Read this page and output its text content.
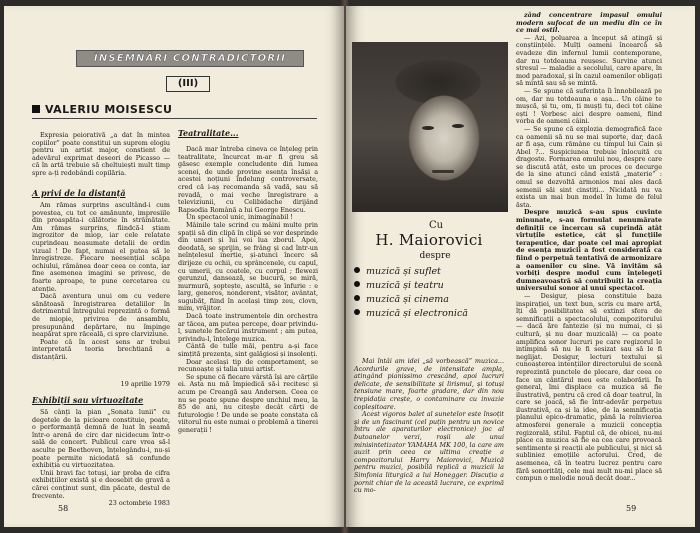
ÎNSEMNĂRI CONTRADICTORII
(III)
VALERIU MOISESCU

Expresia peiorativă „a dat în mintea copiilor” poate constitui un suprem elogiu pentru un artist major, constient de adevărul exprimat deseori de Picasso — că în artă trebuie să cheltuiești mult timp spre a-ți redobândi copilăria.

A privi de la distanță

Am rămas surprins ascultând-i cum povestea, cu tot ce amănunte, impresiile din proaspăta-i călătorie în străinătate. Am rămas surprins, fiindcă-l știam ingrozitor de miop, iar cele relatate cuprindeau neasumate detalii de ordin vizual ! De fapt, numai el putea să le înregistreze. Fiecare neesențial scăpa ochiului, rămânea doar ceea ce conta, iar fine asemenea imagini se privesc, de foarte aproape, te pune cercetarea cu atenție.

Dacă aventura unui om cu vedere sănătoasă înregistrarea detaliilor în detrimentul întregului reprezintă o formă de miopie, privirea de ansamblu, presupunând depărtare, nu împinge neapărat spre răceală, ci spre clarviziune.

Poate că în acest sens ar trebui interpretată teoria brechtiană a distanțării.

19 aprilie 1979
Exhibiții sau virtuozitate

Să cânți la pian „Sonata lunii” cu degetele de la picioare constituie, poate, o performanță demnă de luat în seamă într-o arenă de circ dar nicidecum într-o sală de concert. Publicul care vrea să-l asculte pe Beethoven, înțelegându-i, nu-și poate permite niciodată să confunde exhibiția cu virtuozitatea.

Unii bravi fac totuși, iar proba de cifra exhibițiilor există și e deosebit de gravă a cărei conținut sunt, din păcate, destul de frecvente.

23 octombrie 1983
Teatralitate...

Dacă mar întreba cineva ce înțeleg prin teatralitate, încurcat m-ar fi greu să găsesc exemple concludente din lumea scenei, de unde provine esența însăși a acestei noțiuni îndelung controversate, cred că i-aș recomanda să vadă, sau să revadă, o mai veche înregistrare a televiziunii, cu Celibidache dirijând Rapsodia Română a lui George Enescu.

Un spectacol unic, inimaginabil !

Mâinile tale scrind cu mâini multe prin spații să din clipă în clipă se vor desprinde din umeri și lui voi lua zborul. Apoi, deodată, se sprijin, se frâng și cad într-un neînțelesul inertie, și-atunci încerc să dirijeze cu ochii, cu sprâncenele, cu capul, cu umerii, cu coatele, cu corpul ; flewezi gerunzul, dansează, se bucură, se miră, murmură, șoptește, ascultă, se înfurie : e larg, generos, nonderent, visător, avântat, sugubăț, fiind în același timp zeu, clovn, mim, vrăjitor.

Dacă toate instrumentele din orchestra ar tăcea, am putea percepe, doar privindu-l, sunetele fiecărui instrument ; am putea, privindu-l, înțelege muzica.

Cântă de tulle măi, pentru a-și face simțită prezența, sint galăgiosi și insolenți.

Doar același tip de comportament, se recunoaște și talia unui artist.

Se spune că fiecare vârstă își are cărțile ei. Asta nu mă împiedică să-i recitesc și acum pe Creangă sau Andersen. Ceea ce nu se poate spune despre unchiul meu, la 85 de ani, nu citește decât cărți de futurologie ! De unde se poate constata că viitorul nu este numai o problemă a tinerei generații !

58
Cu
H. Maiorovici
despre
muzică și suflet
muzică și teatru
muzică și cinema
muzică și electronică

Mai întâi am idei „să vorbească” muzica... Acordurile grave, de intensitate ampla, atingând pianissimo crescând, apoi lucruri delicate, de sensibilitate și lirismul, și totuși tensiune mare, foarte gradare, dar din nou trepidația crește, o contaminare cu invazie copleșitoare.

Acest vigoros balet al sunetelor este însoțit și de un fascinant (cel puțin pentru un novice întru ale aparaturilor electronice) joc al butoanelor verzi, roșii ale unui minisintetizator YAMAHA MK 100, la care am auzit prin ceea ce ultima creație a compozitorului Harry Maiorovici, Muzică pentru muzici, posibilă replică a muzicii la Simfonia liturgică a lui Honegger. Discuția a pornit chiar de la această lucrare, ce exprimă cu mo-

zând concentrare impasul omului modern sufocat de un mediu din ce în ce mai ostil.

— Azi, poluarea a început să atingă și conștiințele. Mulți oameni încearcă să evadeze din infernul lumii contemporane, dar nu totdeauna reușesc. Survine atunci stresul — maladie a secolului, care apare, în mod paradoxal, și în cazul oamenilor obligați să mintă sau să se mintă.

— Se spune că suferința îi înnobilează pe om, dar nu totdeauna e așa... Un câine te mușcă, și tu, om, ți mușți tu, deci tot câine ești ! Vorbesc aici despre oameni, fiind vorba de oameni câini.

— Se spune că explozia demografică face ca oamenii să nu se mai suporte, dar, dacă ar fi așa, cum rămâne cu timpul lui Cain și Abel ?... Suspiciunea trebuie înlocuită cu dragoste. Formarea omului nou, despre care se discută atât, este un proces ce decurge de la sine atunci când există „materie” : omul se dezvoltă armonios mai ales dacă semenii săi sint cinstiți... Nicidată nu va exista un mai bun model în lume de felul ăsta.

Despre muzică s-au spus cuvinte minunate, s-au formulat nenumărate definiții ce încercau să cuprindă atât virtuțile estetice, cât și funcțiile terapeutice, dar poate cel mai apropiat de esența muzicii a fost considerată ca fiind o perpetuă tentativă de armonizare a oamenilor cu sine. Vă invităm să vorbiți despre modul cum înțelegeți dumneavoastră să contribuiți la creația universului sonor al unui spectacol.

— Desigur, piesa constituie baza inspirației, un text bun, scris cu mare artă, îți dă posibilitatea să extinzi sfera de semnificații a spectacolului, compozitorului — dacă ăre fantezie (și nu numai, ci și cultură, și nu doar muzicală) — ca poate amplifica sonor lucruri pe care regizorul le intimpină să nu le fi sesizat sau să le fi neglijat. Desigur, lecturi textului și cunoașterea intențiilor directorului de scenă reprezintă punctele de plecare, dar ceea ce face un cântărul meu este colaborării. În general, îmi displace ca muzica să fie ilustrativă, pentru că cred că doar teatrul, în care se joacă, să fie într-adevăr perpetuu ilustrativă, ca și la idee, de la semnificația planului epico-dramatic, până la reînvierea atmosferei generale a muzicii concepția regizorală, stilul. Faptul că, de obicei, nu-mi place ca muzica să fie ea cea care provoacă sentimente și reacții ale publicului, și nici să subliniez emoțiile actorului. Cred, de asemenea, că în teatru lucrez pentru care fără sonorități, cele mai mult nu-mi place să compun o melodie nouă decât doar...

59
